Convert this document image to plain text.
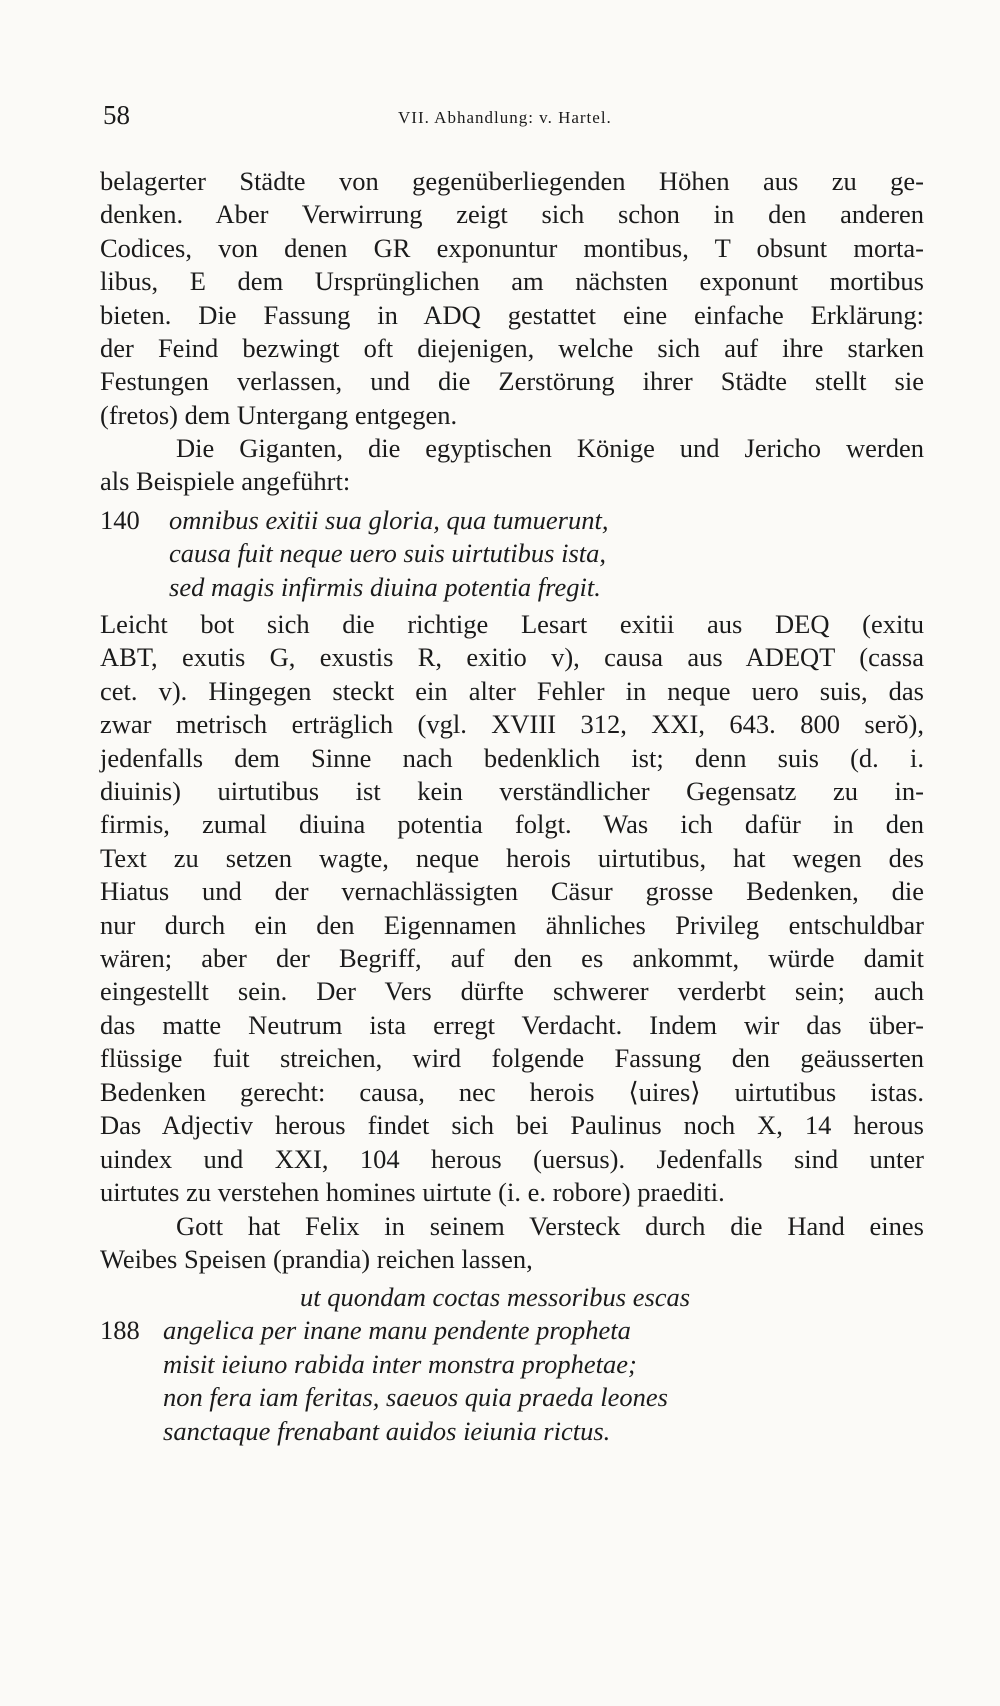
58	VII. Abhandlung: v. Hartel.
belagerter Städte von gegenüberliegenden Höhen aus zu ge-
denken. Aber Verwirrung zeigt sich schon in den anderen
Codices, von denen GR exponuntur montibus, T obsunt morta-
libus, E dem Ursprünglichen am nächsten exponunt mortibus
bieten. Die Fassung in ADQ gestattet eine einfache Erklärung:
der Feind bezwingt oft diejenigen, welche sich auf ihre starken
Festungen verlassen, und die Zerstörung ihrer Städte stellt sie
(fretos) dem Untergang entgegen.
Die Giganten, die egyptischen Könige und Jericho werden
als Beispiele angeführt:
140 omnibus exitii sua gloria, qua tumuerunt,
causa fuit neque uero suis uirtutibus ista,
sed magis infirmis diuina potentia fregit.
Leicht bot sich die richtige Lesart exitii aus DEQ (exitu
ABT, exutis G, exustis R, exitio v), causa aus ADEQT (cassa
cet. v). Hingegen steckt ein alter Fehler in neque uero suis, das
zwar metrisch erträglich (vgl. XVIII 312, XXI, 643. 800 serŏ),
jedenfalls dem Sinne nach bedenklich ist; denn suis (d. i.
diuinis) uirtutibus ist kein verständlicher Gegensatz zu in-
firmis, zumal diuina potentia folgt. Was ich dafür in den
Text zu setzen wagte, neque herois uirtutibus, hat wegen des
Hiatus und der vernachlässigten Cäsur grosse Bedenken, die
nur durch ein den Eigennamen ähnliches Privileg entschuldbar
wären; aber der Begriff, auf den es ankommt, würde damit
eingestellt sein. Der Vers dürfte schwerer verderbt sein; auch
das matte Neutrum ista erregt Verdacht. Indem wir das über-
flüssige fuit streichen, wird folgende Fassung den geäusserten
Bedenken gerecht: causa, nec herois ⟨uires⟩ uirtutibus istas.
Das Adjectiv herous findet sich bei Paulinus noch X, 14 herous
uindex und XXI, 104 herous (uersus). Jedenfalls sind unter
uirtutes zu verstehen homines uirtute (i. e. robore) praediti.
Gott hat Felix in seinem Versteck durch die Hand eines
Weibes Speisen (prandia) reichen lassen,
ut quondam coctas messoribus escas
188 angelica per inane manu pendente propheta
misit ieiuno rabida inter monstra prophetae;
non fera iam feritas, saeuos quia praeda leones
sanctaque frenabant auidos ieiunia rictus.
